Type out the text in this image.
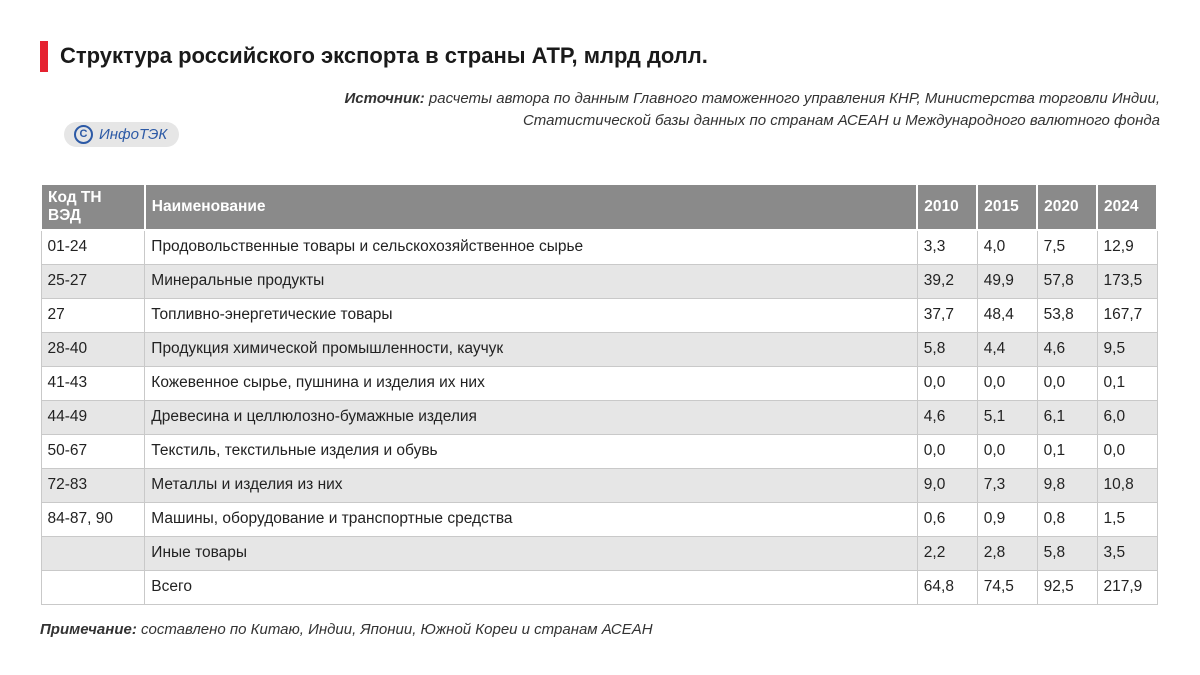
Структура российского экспорта в страны АТР, млрд долл.
Источник: расчеты автора по данным Главного таможенного управления КНР, Министерства торговли Индии, Статистической базы данных по странам АСЕАН и Международного валютного фонда
C ИнфоТЭК
Код ТН ВЭД	Наименование	2010	2015	2020	2024
01-24	Продовольственные товары и сельскохозяйственное сырье	3,3	4,0	7,5	12,9
25-27	Минеральные продукты	39,2	49,9	57,8	173,5
27	Топливно-энергетические товары	37,7	48,4	53,8	167,7
28-40	Продукция химической промышленности, каучук	5,8	4,4	4,6	9,5
41-43	Кожевенное сырье, пушнина и изделия их них	0,0	0,0	0,0	0,1
44-49	Древесина и целлюлозно-бумажные изделия	4,6	5,1	6,1	6,0
50-67	Текстиль, текстильные изделия и обувь	0,0	0,0	0,1	0,0
72-83	Металлы и изделия из них	9,0	7,3	9,8	10,8
84-87, 90	Машины, оборудование и транспортные средства	0,6	0,9	0,8	1,5
	Иные товары	2,2	2,8	5,8	3,5
	Всего	64,8	74,5	92,5	217,9
Примечание: составлено по Китаю, Индии, Японии, Южной Кореи и странам АСЕАН
